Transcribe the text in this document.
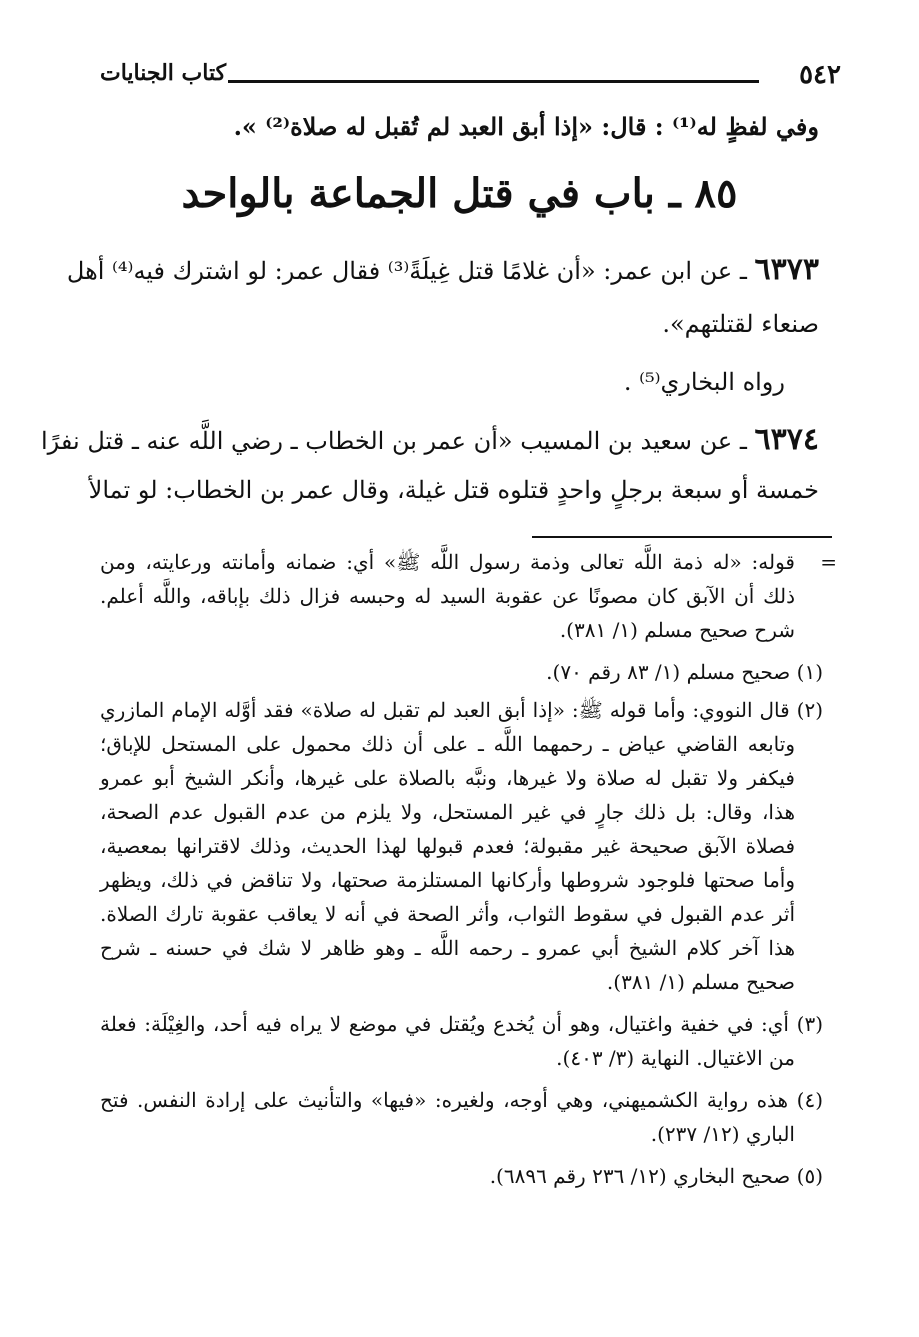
٥٤٢
كتاب الجنايات
وفي لفظٍ له⁽¹⁾ : قال: «إذا أبق العبد لم تُقبل له صلاة⁽²⁾ ».
٨٥ ـ باب في قتل الجماعة بالواحد
٦٣٧٣ ـ عن ابن عمر: «أن غلامًا قتل غِيلَةً⁽³⁾ فقال عمر: لو اشترك فيه⁽⁴⁾ أهل
صنعاء لقتلتهم».
رواه البخاري⁽⁵⁾ .
٦٣٧٤ ـ عن سعيد بن المسيب «أن عمر بن الخطاب ـ رضي اللَّه عنه ـ قتل نفرًا
خمسة أو سبعة برجلٍ واحدٍ قتلوه قتل غيلة، وقال عمر بن الخطاب: لو تمالأ
=
قوله: «له ذمة اللَّه تعالى وذمة رسول اللَّه ﷺ» أي: ضمانه وأمانته ورعايته، ومن
ذلك أن الآبق كان مصونًا عن عقوبة السيد له وحبسه فزال ذلك بإباقه، واللَّه أعلم.
شرح صحيح مسلم (١/ ٣٨١).
(١) صحيح مسلم (١/ ٨٣ رقم ٧٠).
(٢) قال النووي: وأما قوله ﷺ: «إذا أبق العبد لم تقبل له صلاة» فقد أوَّله الإمام المازري
وتابعه القاضي عياض ـ رحمهما اللَّه ـ على أن ذلك محمول على المستحل للإباق؛
فيكفر ولا تقبل له صلاة ولا غيرها، ونبَّه بالصلاة على غيرها، وأنكر الشيخ أبو عمرو
هذا، وقال: بل ذلك جارٍ في غير المستحل، ولا يلزم من عدم القبول عدم الصحة،
فصلاة الآبق صحيحة غير مقبولة؛ فعدم قبولها لهذا الحديث، وذلك لاقترانها بمعصية،
وأما صحتها فلوجود شروطها وأركانها المستلزمة صحتها، ولا تناقض في ذلك، ويظهر
أثر عدم القبول في سقوط الثواب، وأثر الصحة في أنه لا يعاقب عقوبة تارك الصلاة.
هذا آخر كلام الشيخ أبي عمرو ـ رحمه اللَّه ـ وهو ظاهر لا شك في حسنه ـ شرح
صحيح مسلم (١/ ٣٨١).
(٣) أي: في خفية واغتيال، وهو أن يُخدع ويُقتل في موضع لا يراه فيه أحد، والغِيْلَة: فعلة
من الاغتيال. النهاية (٣/ ٤٠٣).
(٤) هذه رواية الكشميهني، وهي أوجه، ولغيره: «فيها» والتأنيث على إرادة النفس. فتح
الباري (١٢/ ٢٣٧).
(٥) صحيح البخاري (١٢/ ٢٣٦ رقم ٦٨٩٦).
